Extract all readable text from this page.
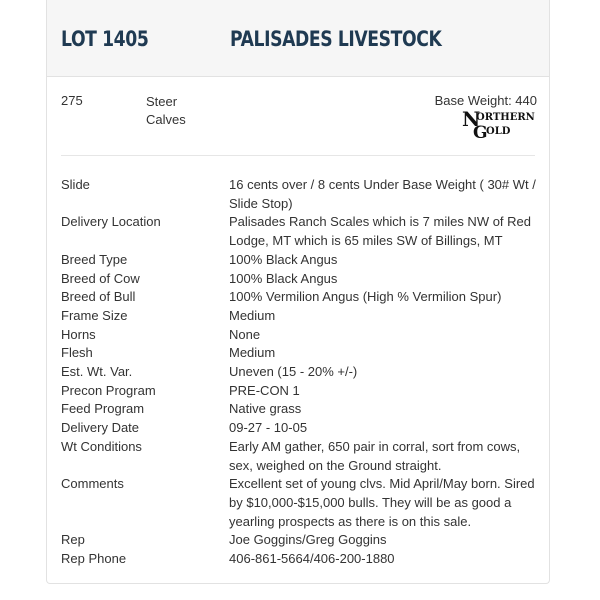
LOT 1405	PALISADES LIVESTOCK
275	Steer
Calves
Base Weight: 440
N
ORTHERN
G
OLD
Slide	16 cents over / 8 cents Under Base Weight ( 30# Wt / Slide Stop)
Delivery Location	Palisades Ranch Scales which is 7 miles NW of Red Lodge, MT which is 65 miles SW of Billings, MT
Breed Type	100% Black Angus
Breed of Cow	100% Black Angus
Breed of Bull	100% Vermilion Angus (High % Vermilion Spur)
Frame Size	Medium
Horns	None
Flesh	Medium
Est. Wt. Var.	Uneven (15 - 20% +/-)
Precon Program	PRE-CON 1
Feed Program	Native grass
Delivery Date	09-27 - 10-05
Wt Conditions	Early AM gather, 650 pair in corral, sort from cows, sex, weighed on the Ground straight.
Comments	Excellent set of young clvs. Mid April/May born. Sired by $10,000-$15,000 bulls. They will be as good a yearling prospects as there is on this sale.
Rep	Joe Goggins/Greg Goggins
Rep Phone	406-861-5664/406-200-1880
